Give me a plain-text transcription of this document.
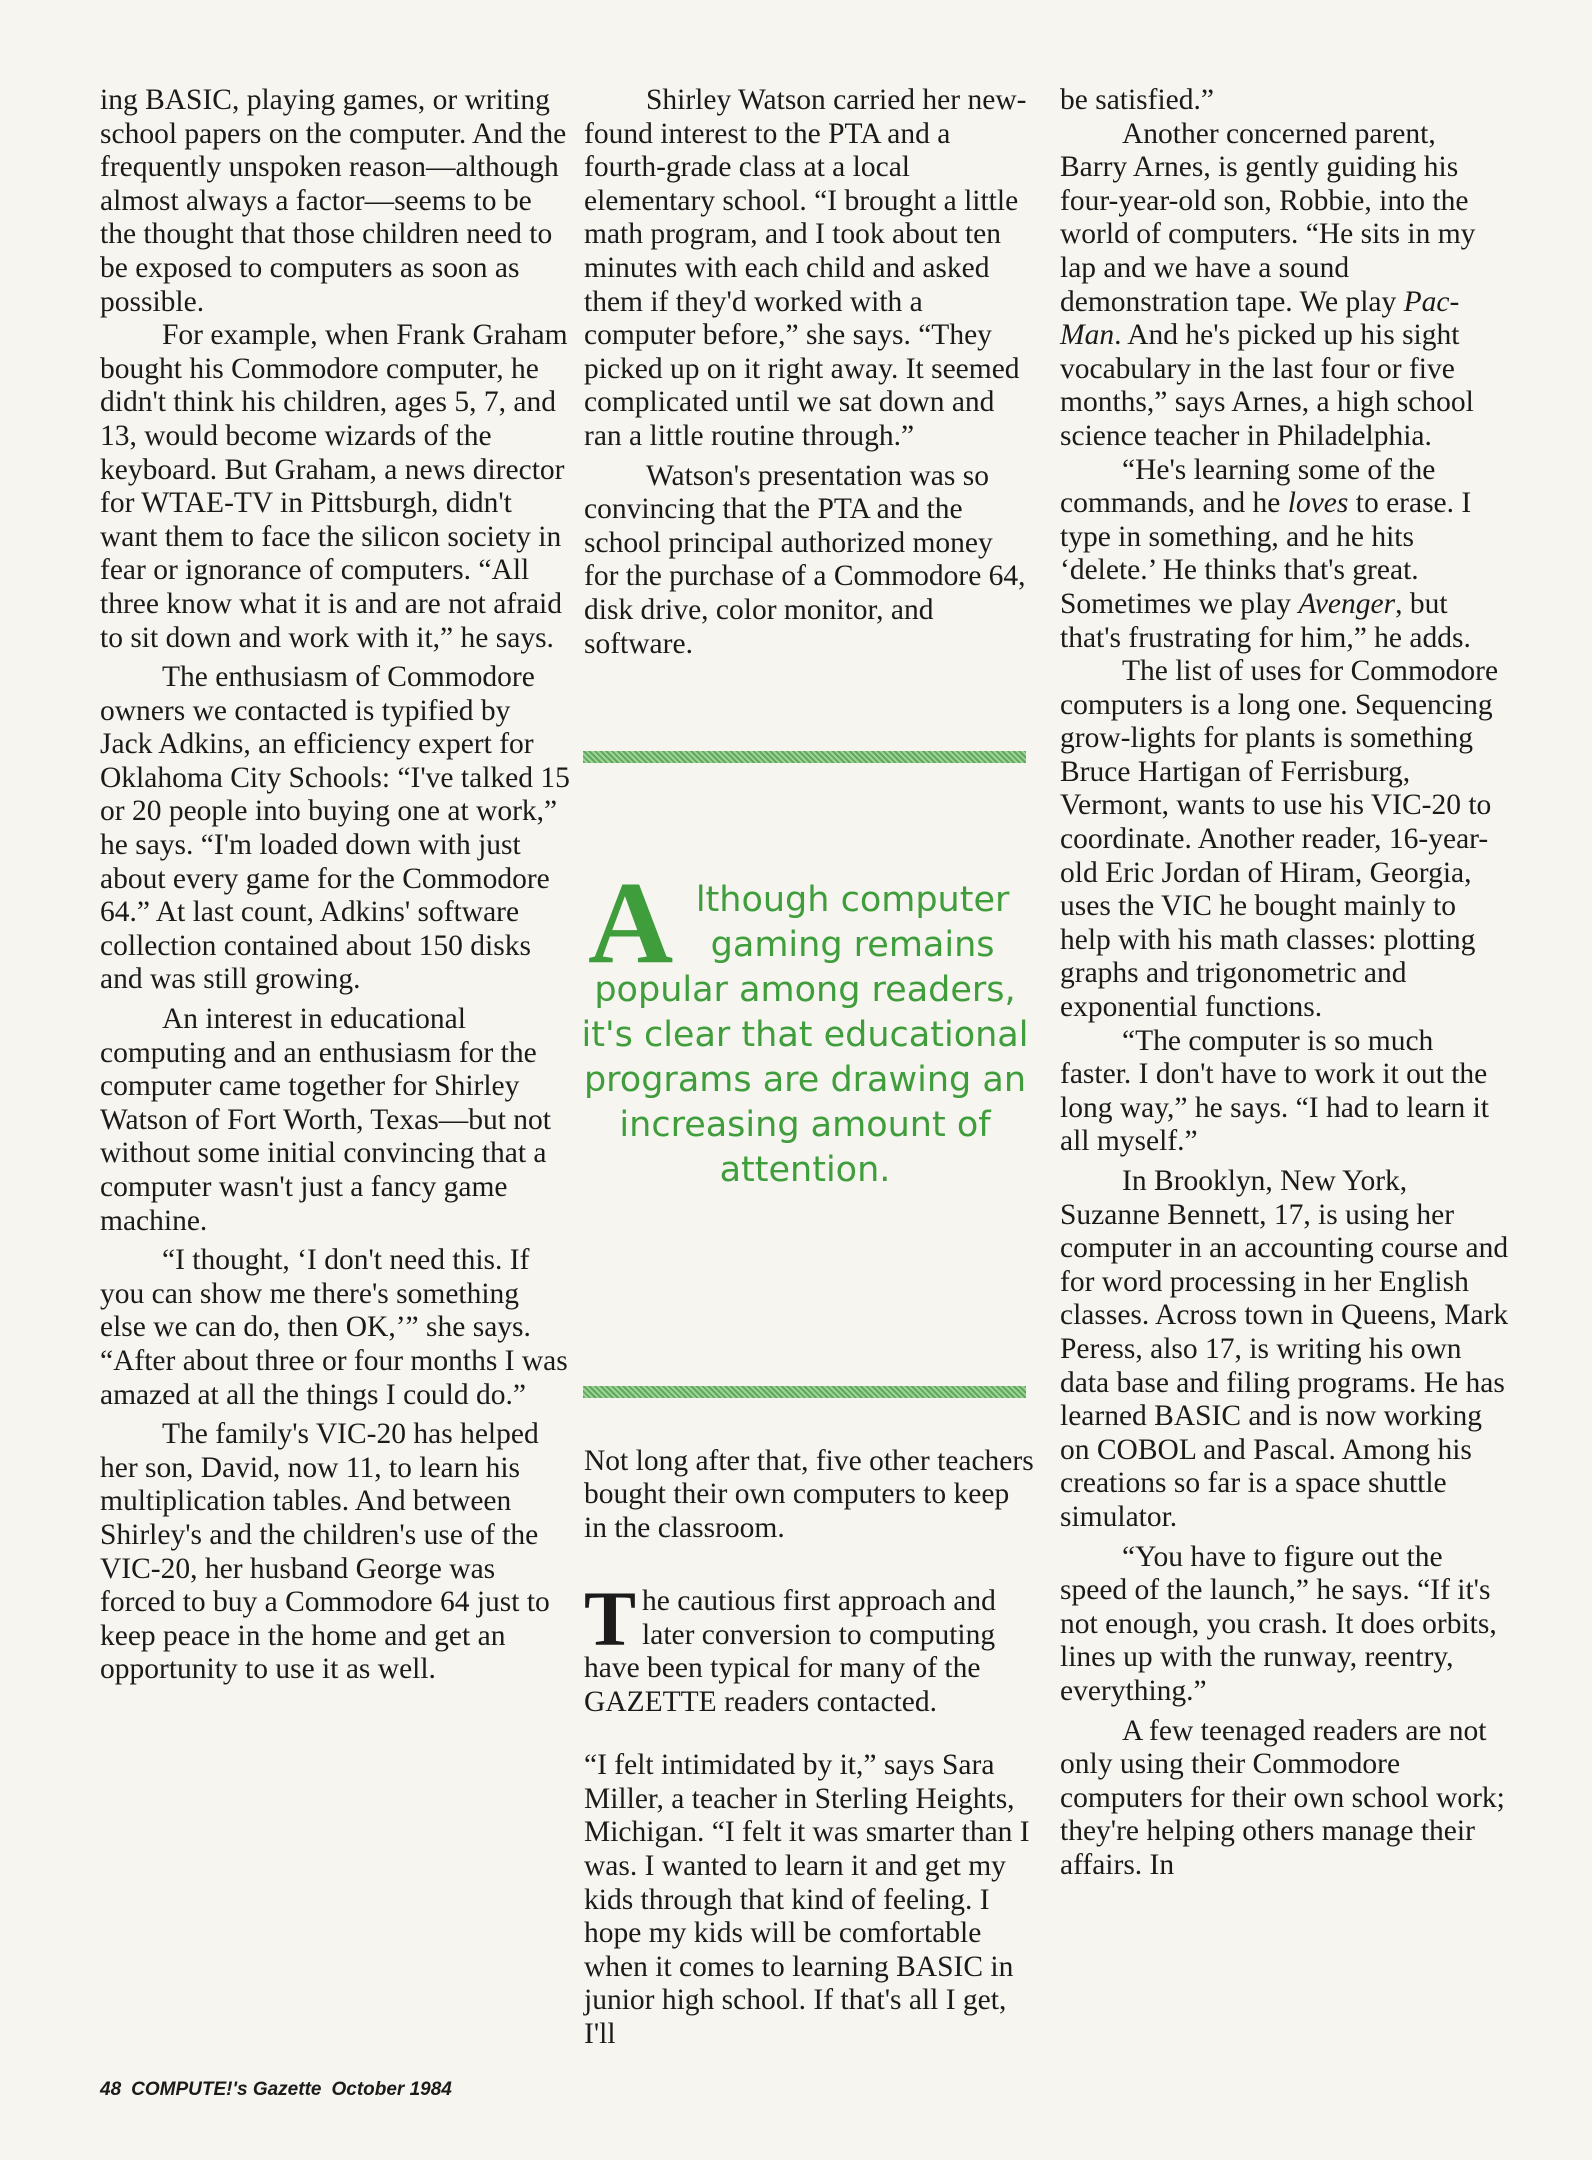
ing BASIC, playing games, or writing school papers on the computer. And the frequently unspoken reason—although almost always a factor—seems to be the thought that those children need to be exposed to computers as soon as possible.

For example, when Frank Graham bought his Commodore computer, he didn't think his children, ages 5, 7, and 13, would become wizards of the keyboard. But Graham, a news director for WTAE-TV in Pittsburgh, didn't want them to face the silicon society in fear or ignorance of computers. “All three know what it is and are not afraid to sit down and work with it,” he says.

The enthusiasm of Commodore owners we contacted is typified by Jack Adkins, an efficiency expert for Oklahoma City Schools: “I've talked 15 or 20 people into buying one at work,” he says. “I'm loaded down with just about every game for the Commodore 64.” At last count, Adkins' software collection contained about 150 disks and was still growing.

An interest in educational computing and an enthusiasm for the computer came together for Shirley Watson of Fort Worth, Texas—but not without some initial convincing that a computer wasn't just a fancy game machine.

“I thought, ‘I don't need this. If you can show me there's something else we can do, then OK,’” she says. “After about three or four months I was amazed at all the things I could do.”

The family's VIC-20 has helped her son, David, now 11, to learn his multiplication tables. And between Shirley's and the children's use of the VIC-20, her husband George was forced to buy a Commodore 64 just to keep peace in the home and get an opportunity to use it as well.

Shirley Watson carried her new-found interest to the PTA and a fourth-grade class at a local elementary school. “I brought a little math program, and I took about ten minutes with each child and asked them if they'd worked with a computer before,” she says. “They picked up on it right away. It seemed complicated until we sat down and ran a little routine through.”

Watson's presentation was so convincing that the PTA and the school principal authorized money for the purchase of a Commodore 64, disk drive, color monitor, and software.

Although computer gaming remains popular among readers, it's clear that educational programs are drawing an increasing amount of attention.

Not long after that, five other teachers bought their own computers to keep in the classroom.

The cautious first approach and later conversion to computing have been typical for many of the GAZETTE readers contacted.

“I felt intimidated by it,” says Sara Miller, a teacher in Sterling Heights, Michigan. “I felt it was smarter than I was. I wanted to learn it and get my kids through that kind of feeling. I hope my kids will be comfortable when it comes to learning BASIC in junior high school. If that's all I get, I'll

be satisfied.”

Another concerned parent, Barry Arnes, is gently guiding his four-year-old son, Robbie, into the world of computers. “He sits in my lap and we have a sound demonstration tape. We play Pac-Man. And he's picked up his sight vocabulary in the last four or five months,” says Arnes, a high school science teacher in Philadelphia.

“He's learning some of the commands, and he loves to erase. I type in something, and he hits ‘delete.’ He thinks that's great. Sometimes we play Avenger, but that's frustrating for him,” he adds.

The list of uses for Commodore computers is a long one. Sequencing grow-lights for plants is something Bruce Hartigan of Ferrisburg, Vermont, wants to use his VIC-20 to coordinate. Another reader, 16-year-old Eric Jordan of Hiram, Georgia, uses the VIC he bought mainly to help with his math classes: plotting graphs and trigonometric and exponential functions.

“The computer is so much faster. I don't have to work it out the long way,” he says. “I had to learn it all myself.”

In Brooklyn, New York, Suzanne Bennett, 17, is using her computer in an accounting course and for word processing in her English classes. Across town in Queens, Mark Peress, also 17, is writing his own data base and filing programs. He has learned BASIC and is now working on COBOL and Pascal. Among his creations so far is a space shuttle simulator.

“You have to figure out the speed of the launch,” he says. “If it's not enough, you crash. It does orbits, lines up with the runway, reentry, everything.”

A few teenaged readers are not only using their Commodore computers for their own school work; they're helping others manage their affairs. In

48 COMPUTE!'s Gazette October 1984
